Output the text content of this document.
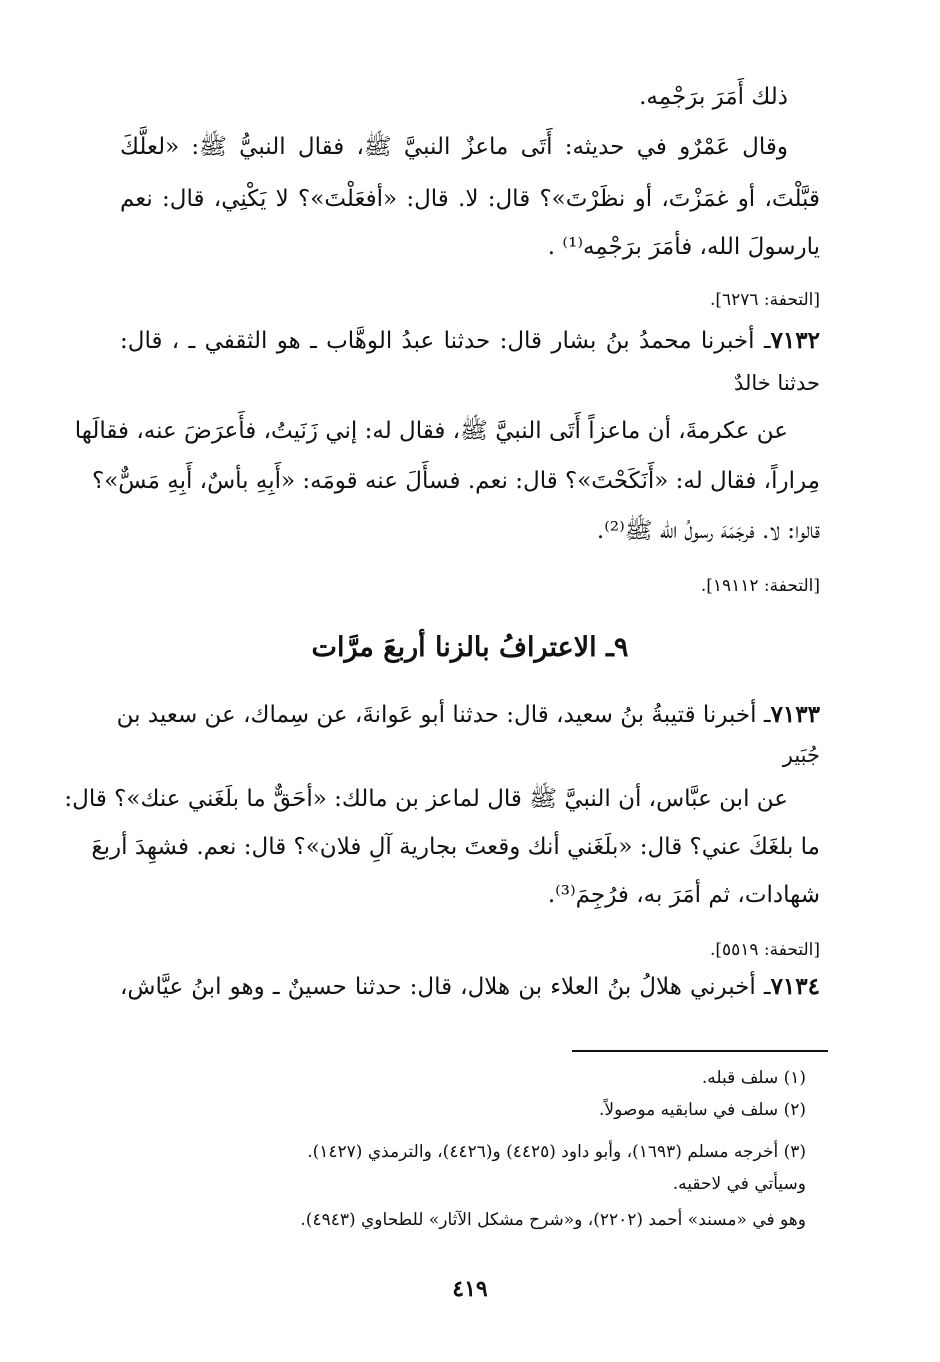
ذلك أَمَرَ برَجْمِه.
وقال عَمْرٌو في حديثه: أَتَى ماعزٌ النبيَّ ﷺ، فقال النبيُّ ﷺ: «لعلَّكَ
قبَّلْتَ، أو غمَزْتَ، أو نظَرْتَ»؟ قال: لا. قال: «أفعَلْتَ»؟ لا يَكْنِي، قال: نعم
يارسولَ الله، فأمَرَ برَجْمِه⁽¹⁾ .
[التحفة: ٦٢٧٦].
٧١٣٢ـ أخبرنا محمدُ بنُ بشار قال: حدثنا عبدُ الوهَّاب ـ هو الثقفي ـ ، قال:
حدثنا خالدٌ
عن عكرمةَ، أن ماعزاً أَتَى النبيَّ ﷺ، فقال له: إني زَنَيتُ، فأَعرَضَ عنه، فقالَها
مِراراً، فقال له: «أَنَكَحْتَ»؟ قال: نعم. فسأَلَ عنه قومَه: «أَبِهِ بأسٌ، أَبِهِ مَسٌّ»؟
قالوا: لا. فرجَمَهَ رسولُ الله ﷺ⁽²⁾.
[التحفة: ١٩١١٢].
٩ـ الاعترافُ بالزنا أربعَ مرَّات
٧١٣٣ـ أخبرنا قتيبةُ بنُ سعيد، قال: حدثنا أبو عَوانةَ، عن سِماك، عن سعيد بن
جُبَير
عن ابن عبَّاس، أن النبيَّ ﷺ قال لماعز بن مالك: «أحَقٌّ ما بلَغَني عنك»؟ قال:
ما بلغَكَ عني؟ قال: «بلَغَني أنك وقعتَ بجارية آلِ فلان»؟ قال: نعم. فشهِدَ أربعَ
شهادات، ثم أمَرَ به، فرُجِمَ⁽³⁾.
[التحفة: ٥٥١٩].
٧١٣٤ـ أخبرني هلالُ بنُ العلاء بن هلال، قال: حدثنا حسينٌ ـ وهو ابنُ عيَّاش،
(١) سلف قبله.
(٢) سلف في سابقيه موصولاً.
(٣) أخرجه مسلم (١٦٩٣)، وأبو داود (٤٤٢٥) و(٤٤٢٦)، والترمذي (١٤٢٧).
وسيأتي في لاحقيه.
وهو في «مسند» أحمد (٢٢٠٢)، و«شرح مشكل الآثار» للطحاوي (٤٩٤٣).
٤١٩
